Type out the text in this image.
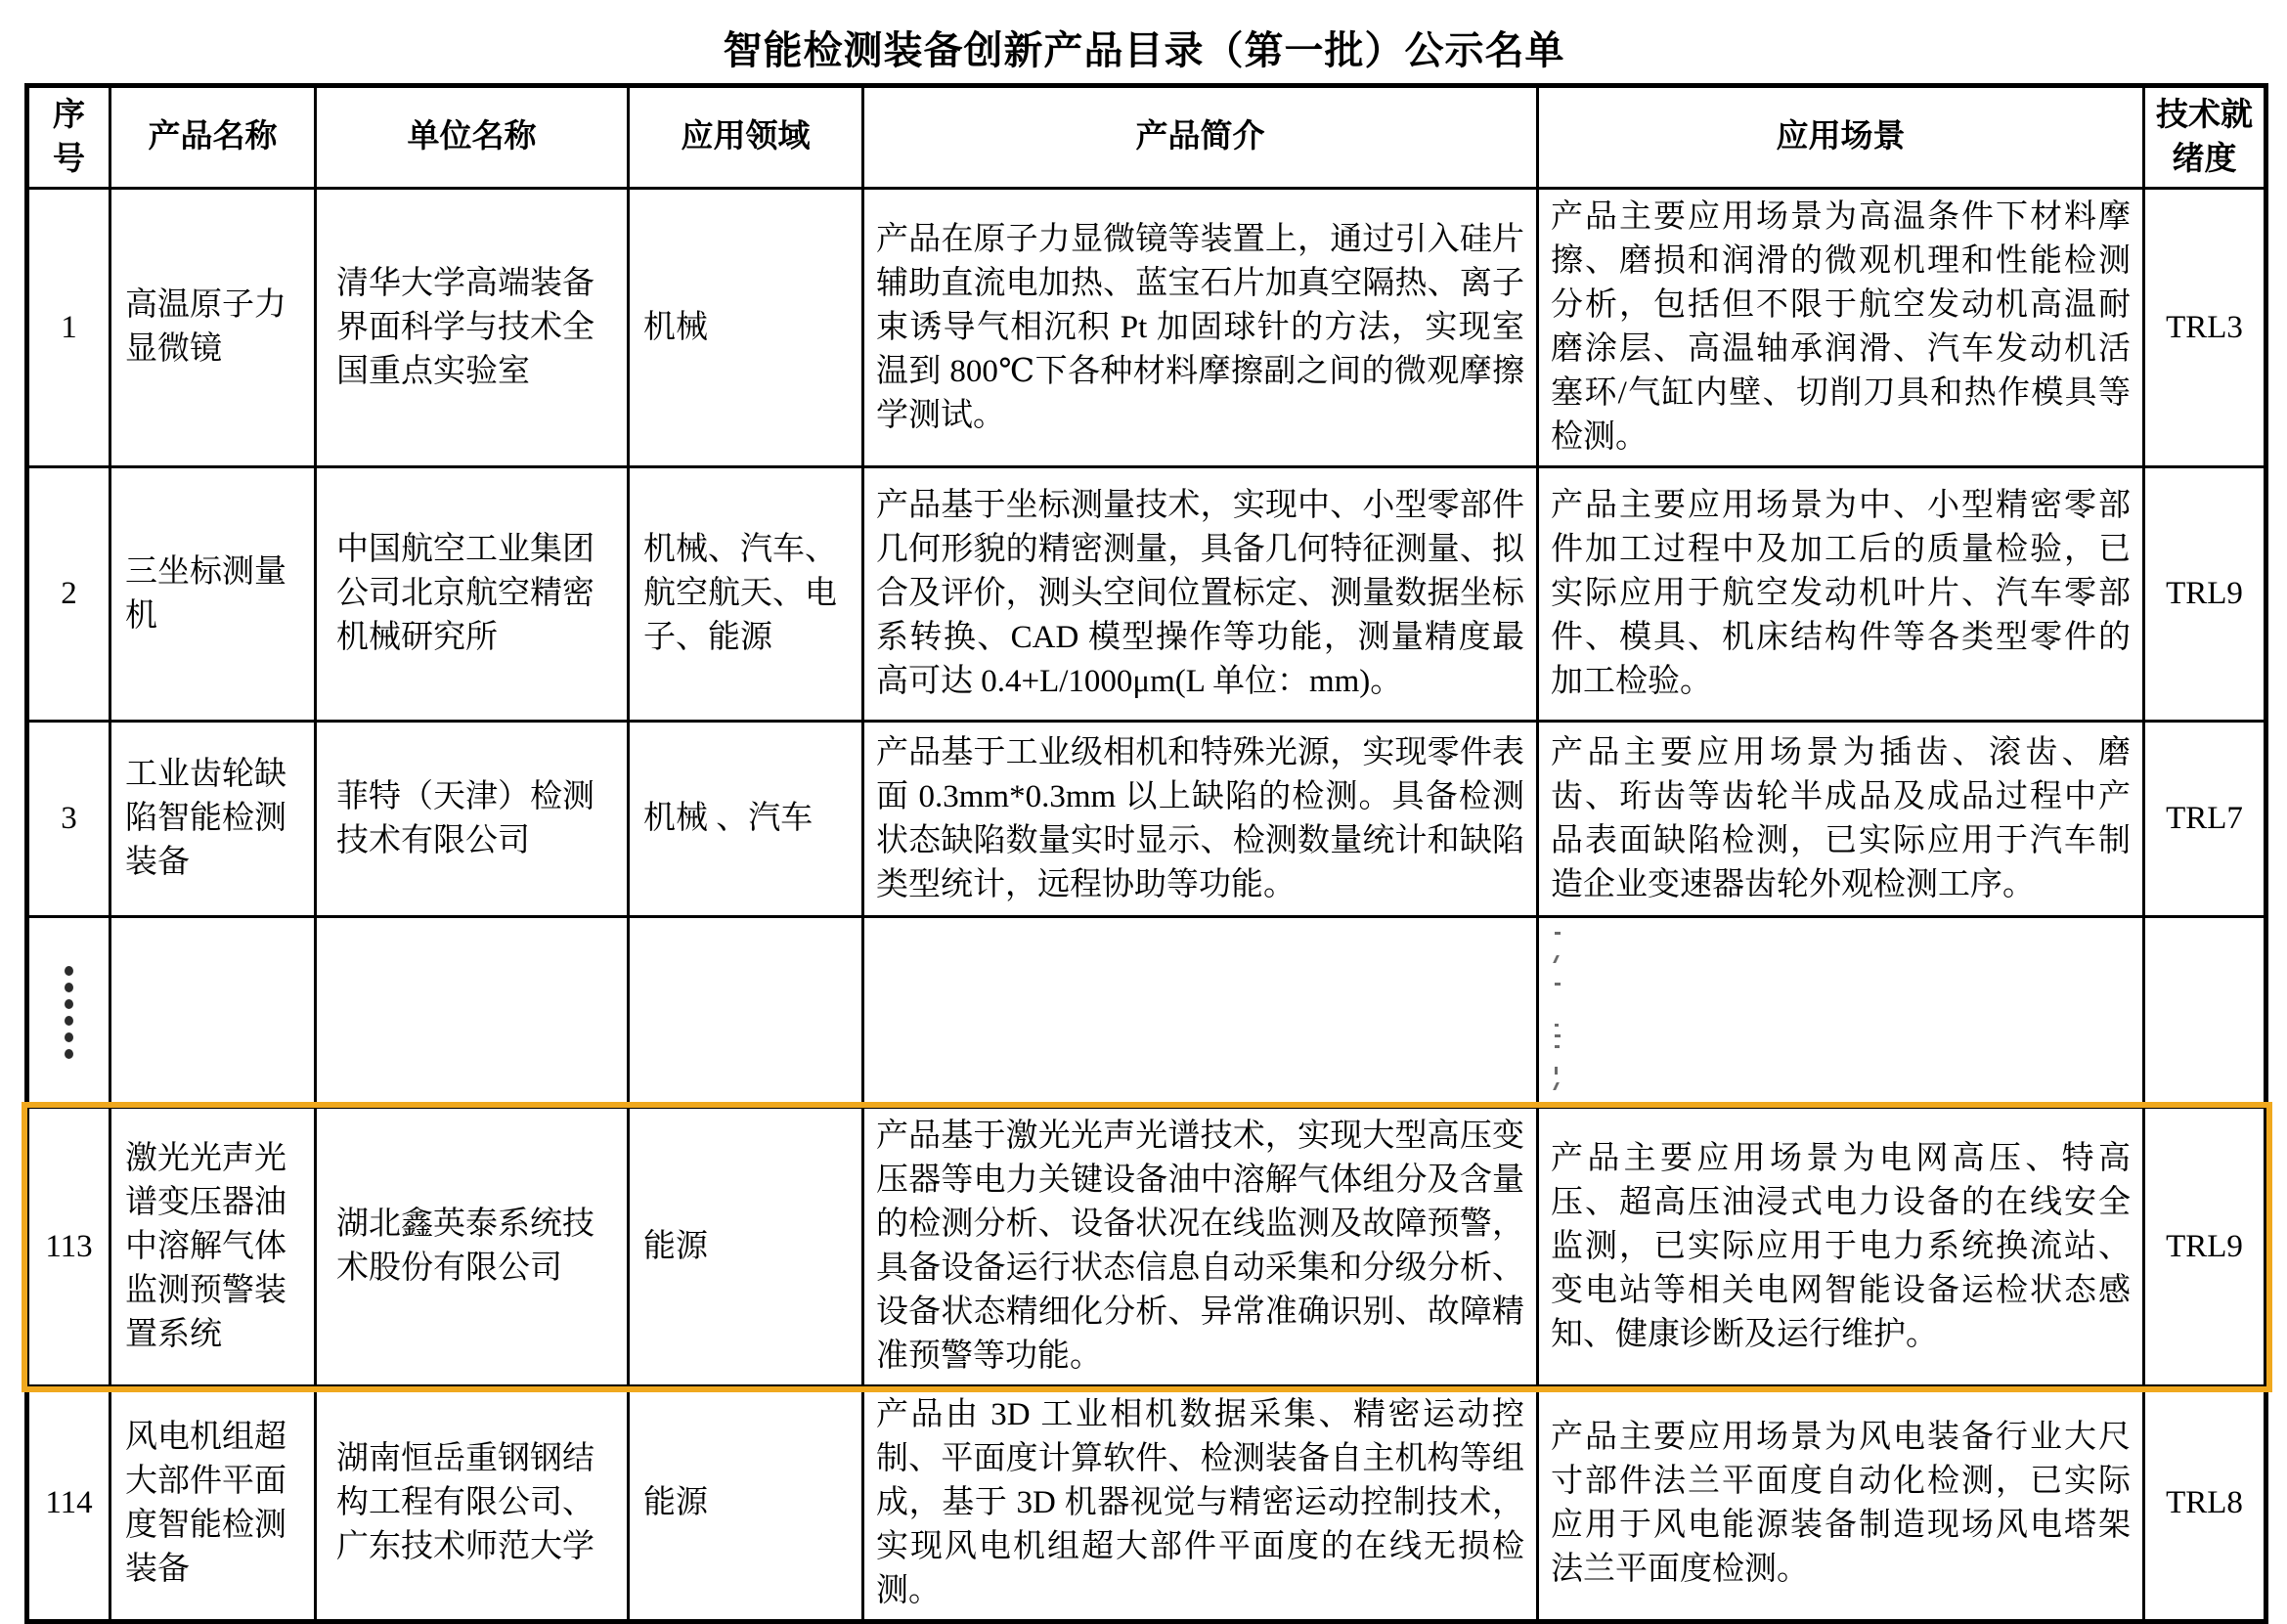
智能检测装备创新产品目录（第一批）公示名单
序号	产品名称	单位名称	应用领域	产品简介	应用场景	技术就绪度
1	高温原子力显微镜	清华大学高端装备界面科学与技术全国重点实验室	机械	产品在原子力显微镜等装置上，通过引入硅片辅助直流电加热、蓝宝石片加真空隔热、离子束诱导气相沉积 Pt 加固球针的方法，实现室温到 800℃下各种材料摩擦副之间的微观摩擦学测试。	产品主要应用场景为高温条件下材料摩擦、磨损和润滑的微观机理和性能检测分析，包括但不限于航空发动机高温耐磨涂层、高温轴承润滑、汽车发动机活塞环/气缸内壁、切削刀具和热作模具等检测。	TRL3
2	三坐标测量机	中国航空工业集团公司北京航空精密机械研究所	机械、汽车、航空航天、电子、能源	产品基于坐标测量技术，实现中、小型零部件几何形貌的精密测量，具备几何特征测量、拟合及评价，测头空间位置标定、测量数据坐标系转换、CAD 模型操作等功能，测量精度最高可达 0.4+L/1000μm(L 单位：mm)。	产品主要应用场景为中、小型精密零部件加工过程中及加工后的质量检验，已实际应用于航空发动机叶片、汽车零部件、模具、机床结构件等各类型零件的加工检验。	TRL9
3	工业齿轮缺陷智能检测装备	菲特（天津）检测技术有限公司	机械 、汽车	产品基于工业级相机和特殊光源，实现零件表面 0.3mm*0.3mm 以上缺陷的检测。具备检测状态缺陷数量实时显示、检测数量统计和缺陷类型统计，远程协助等功能。	产品主要应用场景为插齿、滚齿、磨齿、珩齿等齿轮半成品及成品过程中产品表面缺陷检测，已实际应用于汽车制造企业变速器齿轮外观检测工序。	TRL7

113	激光光声光谱变压器油中溶解气体监测预警装置系统	湖北鑫英泰系统技术股份有限公司	能源	产品基于激光光声光谱技术，实现大型高压变压器等电力关键设备油中溶解气体组分及含量的检测分析、设备状况在线监测及故障预警，具备设备运行状态信息自动采集和分级分析、设备状态精细化分析、异常准确识别、故障精准预警等功能。	产品主要应用场景为电网高压、特高压、超高压油浸式电力设备的在线安全监测，已实际应用于电力系统换流站、变电站等相关电网智能设备运检状态感知、健康诊断及运行维护。	TRL9
114	风电机组超大部件平面度智能检测装备	湖南恒岳重钢钢结构工程有限公司、广东技术师范大学	能源	产品由 3D 工业相机数据采集、精密运动控制、平面度计算软件、检测装备自主机构等组成，基于 3D 机器视觉与精密运动控制技术，实现风电机组超大部件平面度的在线无损检测。	产品主要应用场景为风电装备行业大尺寸部件法兰平面度自动化检测，已实际应用于风电能源装备制造现场风电塔架法兰平面度检测。	TRL8
